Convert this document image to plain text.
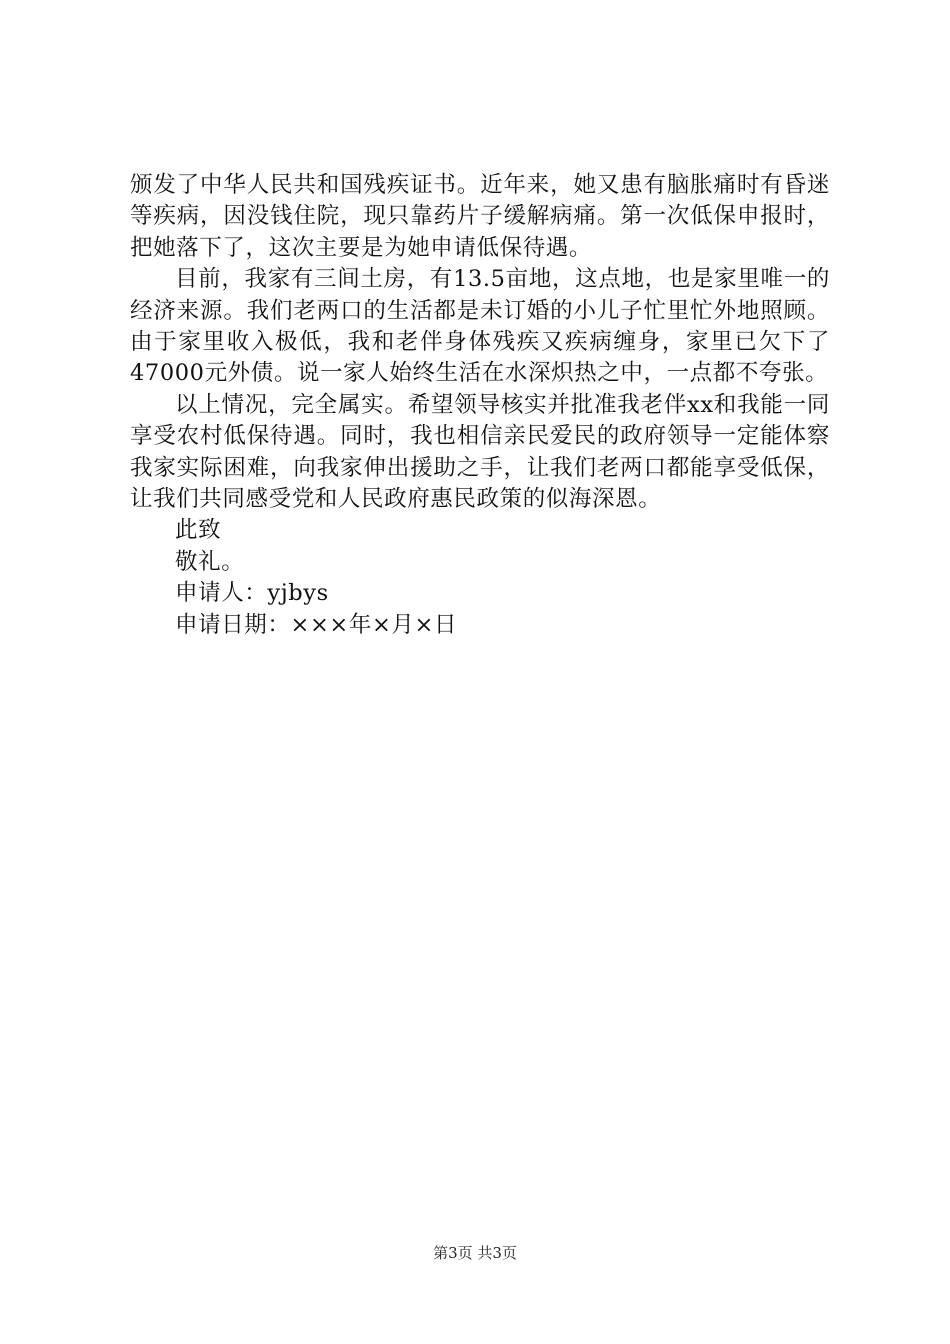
颁发了中华人民共和国残疾证书。近年来，她又患有脑胀痛时有昏迷等疾病，因没钱住院，现只靠药片子缓解病痛。第一次低保申报时，把她落下了，这次主要是为她申请低保待遇。

目前，我家有三间土房，有13.5亩地，这点地，也是家里唯一的经济来源。我们老两口的生活都是未订婚的小儿子忙里忙外地照顾。由于家里收入极低，我和老伴身体残疾又疾病缠身，家里已欠下了47000元外债。说一家人始终生活在水深炽热之中，一点都不夸张。

以上情况，完全属实。希望领导核实并批准我老伴xx和我能一同享受农村低保待遇。同时，我也相信亲民爱民的政府领导一定能体察我家实际困难，向我家伸出援助之手，让我们老两口都能享受低保，让我们共同感受党和人民政府惠民政策的似海深恩。

此致

敬礼。

申请人：yjbys

申请日期：×××年×月×日

第3页 共3页
